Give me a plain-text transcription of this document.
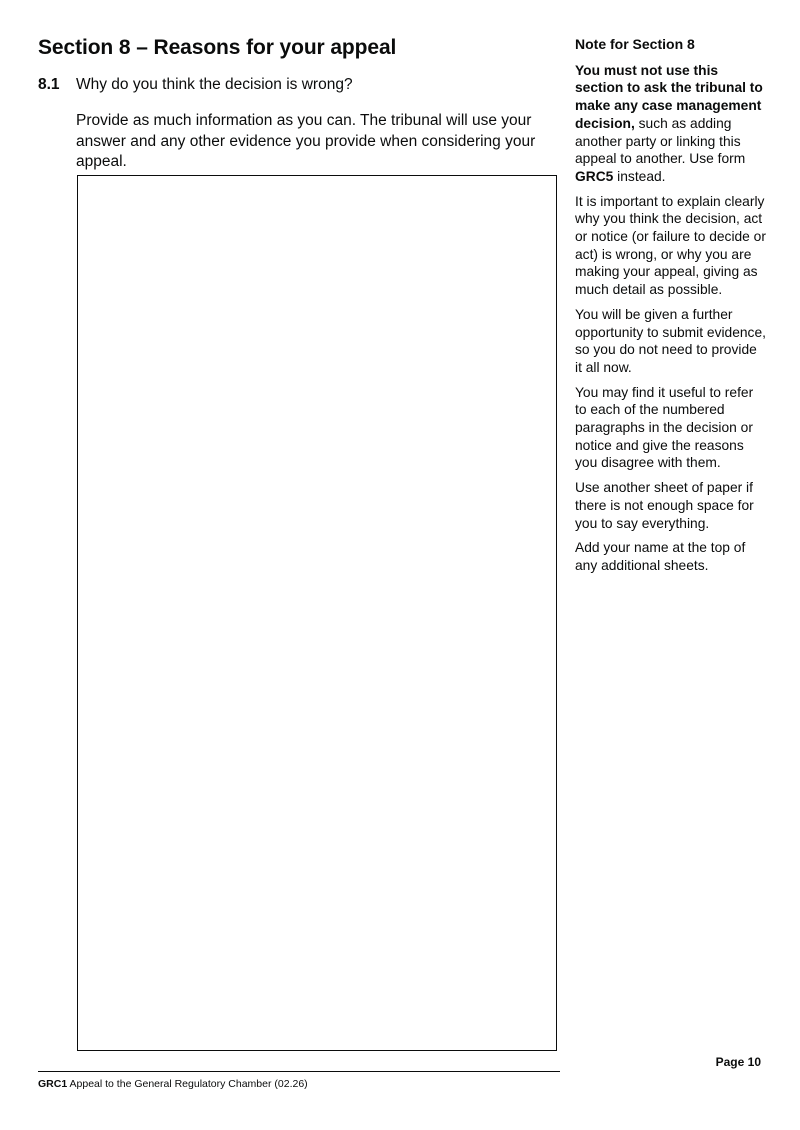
Section 8 – Reasons for your appeal
8.1	Why do you think the decision is wrong?

Provide as much information as you can. The tribunal will use your answer and any other evidence you provide when considering your appeal.

Note for Section 8

You must not use this section to ask the tribunal to make any case management decision, such as adding another party or linking this appeal to another. Use form GRC5 instead.

It is important to explain clearly why you think the decision, act or notice (or failure to decide or act) is wrong, or why you are making your appeal, giving as much detail as possible.

You will be given a further opportunity to submit evidence, so you do not need to provide it all now.

You may find it useful to refer to each of the numbered paragraphs in the decision or notice and give the reasons you disagree with them.

Use another sheet of paper if there is not enough space for you to say everything.

Add your name at the top of any additional sheets.

Page 10
GRC1 Appeal to the General Regulatory Chamber (02.26)
